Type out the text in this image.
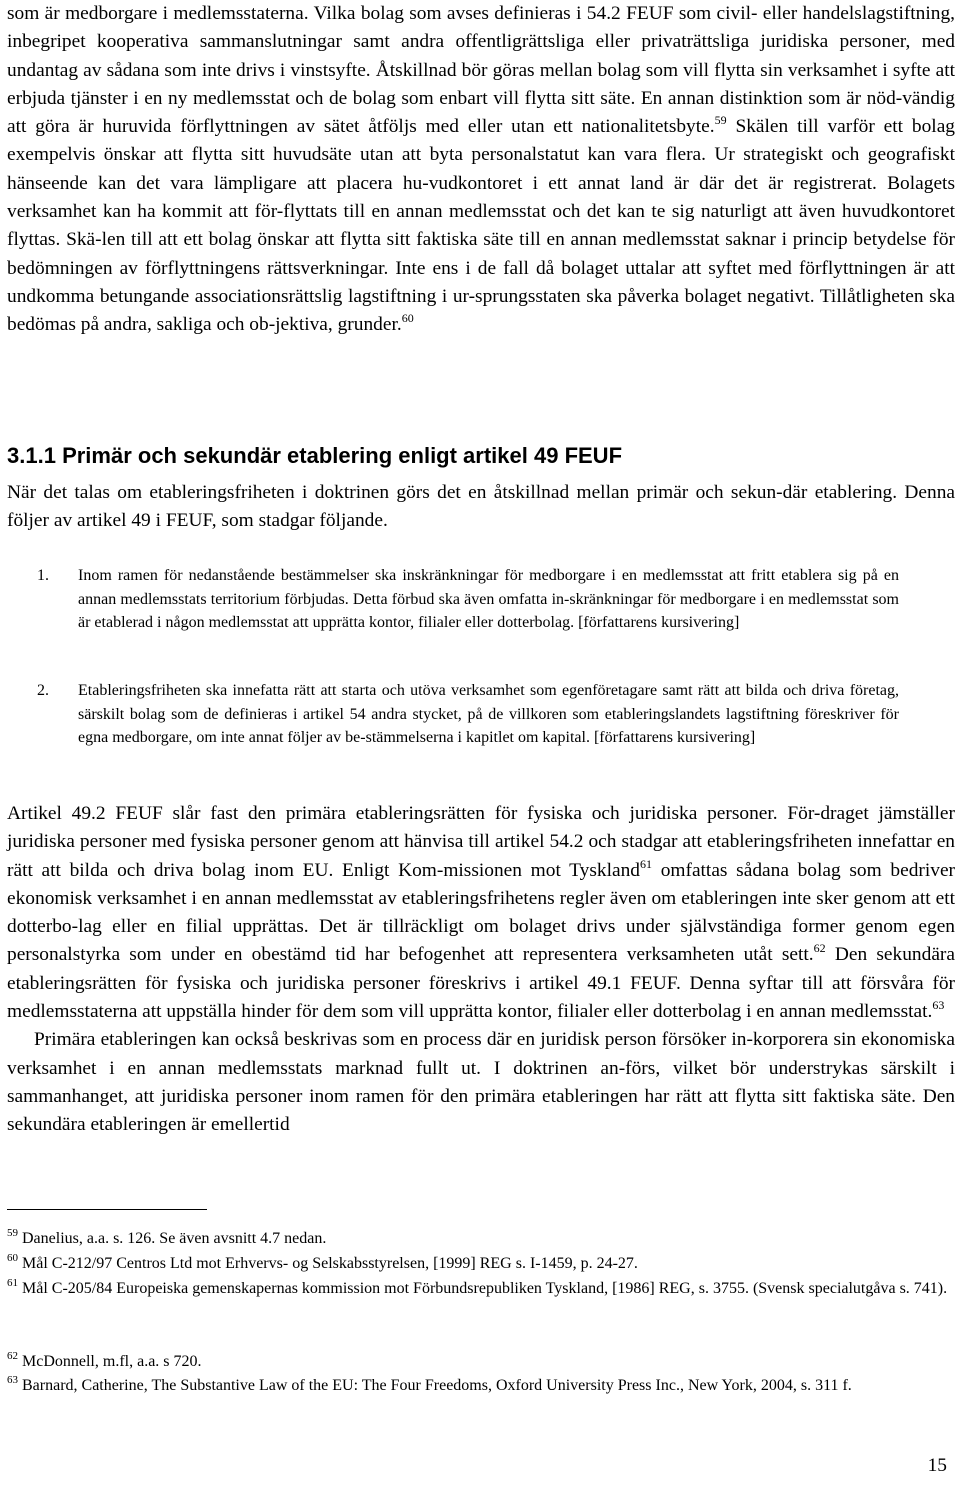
som är medborgare i medlemsstaterna. Vilka bolag som avses definieras i 54.2 FEUF som civil- eller handelslagstiftning, inbegripet kooperativa sammanslutningar samt andra offentligrättsliga eller privaträttsliga juridiska personer, med undantag av sådana som inte drivs i vinstsyfte. Åtskillnad bör göras mellan bolag som vill flytta sin verksamhet i syfte att erbjuda tjänster i en ny medlemsstat och de bolag som enbart vill flytta sitt säte. En annan distinktion som är nöd-vändig att göra är huruvida förflyttningen av sätet åtföljs med eller utan ett nationalitetsbyte.$^{59}$ Skälen till varför ett bolag exempelvis önskar att flytta sitt huvudsäte utan att byta personalstatut kan vara flera. Ur strategiskt och geografiskt hänseende kan det vara lämpligare att placera hu-vudkontoret i ett annat land är där det är registrerat. Bolagets verksamhet kan ha kommit att för-flyttats till en annan medlemsstat och det kan te sig naturligt att även huvudkontoret flyttas. Skä-len till att ett bolag önskar att flytta sitt faktiska säte till en annan medlemsstat saknar i princip betydelse för bedömningen av förflyttningens rättsverkningar. Inte ens i de fall då bolaget uttalar att syftet med förflyttningen är att undkomma betungande associationsrättslig lagstiftning i ur-sprungsstaten ska påverka bolaget negativt. Tillåtligheten ska bedömas på andra, sakliga och ob-jektiva, grunder.$^{60}$

3.1.1 Primär och sekundär etablering enligt artikel 49 FEUF

När det talas om etableringsfriheten i doktrinen görs det en åtskillnad mellan primär och sekun-där etablering. Denna följer av artikel 49 i FEUF, som stadgar följande.

1. Inom ramen för nedanstående bestämmelser ska inskränkningar för medborgare i en medlemsstat att fritt etablera sig på en annan medlemsstats territorium förbjudas. Detta förbud ska även omfatta in-skränkningar för medborgare i en medlemsstat som är etablerad i någon medlemsstat att upprätta kontor, filialer eller dotterbolag. [författarens kursivering]
2. Etableringsfriheten ska innefatta rätt att starta och utöva verksamhet som egenföretagare samt rätt att bilda och driva företag, särskilt bolag som de definieras i artikel 54 andra stycket, på de villkoren som etableringslandets lagstiftning föreskriver för egna medborgare, om inte annat följer av be-stämmelserna i kapitlet om kapital. [författarens kursivering]

Artikel 49.2 FEUF slår fast den primära etableringsrätten för fysiska och juridiska personer. För-draget jämställer juridiska personer med fysiska personer genom att hänvisa till artikel 54.2 och stadgar att etableringsfriheten innefattar en rätt att bilda och driva bolag inom EU. Enligt Kom-missionen mot Tyskland$^{61}$ omfattas sådana bolag som bedriver ekonomisk verksamhet i en annan medlemsstat av etableringsfrihetens regler även om etableringen inte sker genom att ett dotterbo-lag eller en filial upprättas. Det är tillräckligt om bolaget drivs under självständiga former genom egen personalstyrka som under en obestämd tid har befogenhet att representera verksamheten utåt sett.$^{62}$ Den sekundära etableringsrätten för fysiska och juridiska personer föreskrivs i artikel 49.1 FEUF. Denna syftar till att försvåra för medlemsstaterna att uppställa hinder för dem som vill upprätta kontor, filialer eller dotterbolag i en annan medlemsstat.$^{63}$

Primära etableringen kan också beskrivas som en process där en juridisk person försöker in-korporera sin ekonomiska verksamhet i en annan medlemsstats marknad fullt ut. I doktrinen an-förs, vilket bör understrykas särskilt i sammanhanget, att juridiska personer inom ramen för den primära etableringen har rätt att flytta sitt faktiska säte. Den sekundära etableringen är emellertid

$^{59}$ Danelius, a.a. s. 126. Se även avsnitt 4.7 nedan.
$^{60}$ Mål C-212/97 Centros Ltd mot Erhvervs- og Selskabsstyrelsen, [1999] REG s. I-1459, p. 24-27.
$^{61}$ Mål C-205/84 Europeiska gemenskapernas kommission mot Förbundsrepubliken Tyskland, [1986] REG, s. 3755. (Svensk specialutgåva s. 741).
$^{62}$ McDonnell, m.fl, a.a. s 720.
$^{63}$ Barnard, Catherine, The Substantive Law of the EU: The Four Freedoms, Oxford University Press Inc., New York, 2004, s. 311 f.
15
